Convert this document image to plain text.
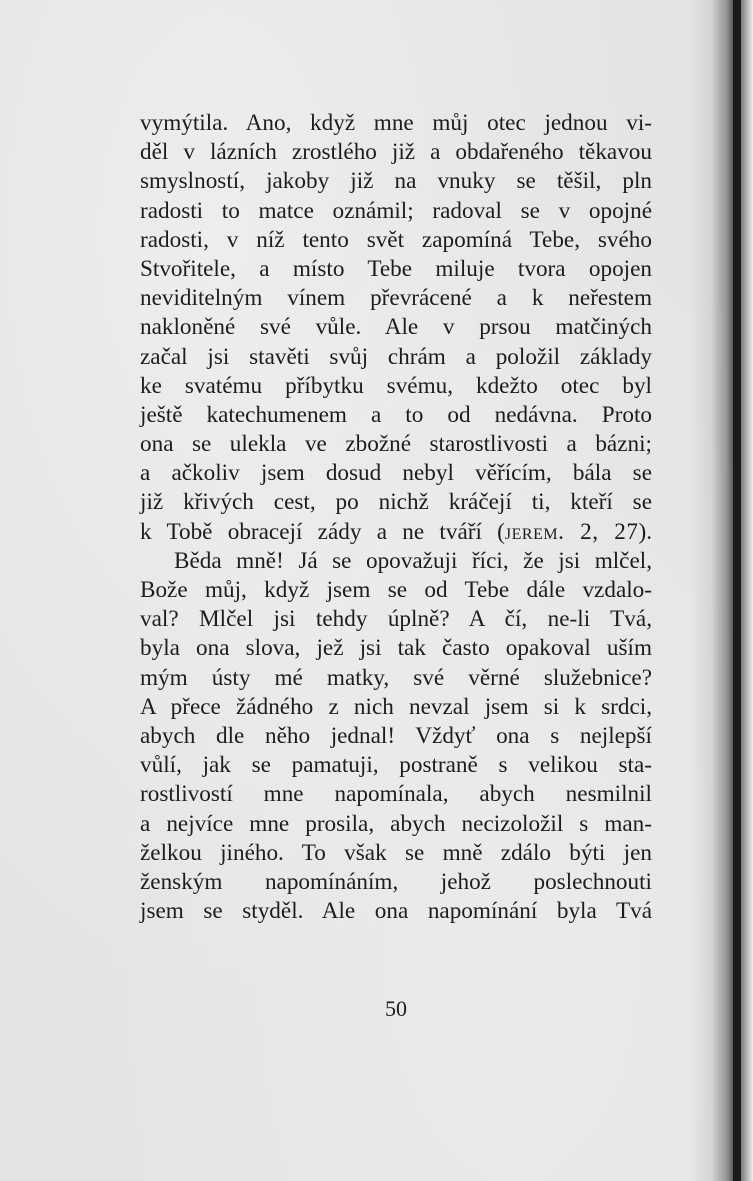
vymýtila. Ano, když mne můj otec jednou vi-
děl v lázních zrostlého již a obdařeného těkavou
smyslností, jakoby již na vnuky se těšil, pln
radosti to matce oznámil; radoval se v opojné
radosti, v níž tento svět zapomíná Tebe, svého
Stvořitele, a místo Tebe miluje tvora opojen
neviditelným vínem převrácené a k neřestem
nakloněné své vůle. Ale v prsou matčiných
začal jsi stavěti svůj chrám a položil základy
ke svatému příbytku svému, kdežto otec byl
ještě katechumenem a to od nedávna. Proto
ona se ulekla ve zbožné starostlivosti a bázni;
a ačkoliv jsem dosud nebyl věřícím, bála se
již křivých cest, po nichž kráčejí ti, kteří se
k Tobě obracejí zády a ne tváří (jerem. 2, 27).
Běda mně! Já se opovažuji říci, že jsi mlčel,
Bože můj, když jsem se od Tebe dále vzdalo-
val? Mlčel jsi tehdy úplně? A čí, ne-li Tvá,
byla ona slova, jež jsi tak často opakoval uším
mým ústy mé matky, své věrné služebnice?
A přece žádného z nich nevzal jsem si k srdci,
abych dle něho jednal! Vždyť ona s nejlepší
vůlí, jak se pamatuji, postraně s velikou sta-
rostlivostí mne napomínala, abych nesmilnil
a nejvíce mne prosila, abych necizoložil s man-
želkou jiného. To však se mně zdálo býti jen
ženským napomínáním, jehož poslechnouti
jsem se styděl. Ale ona napomínání byla Tvá
50
